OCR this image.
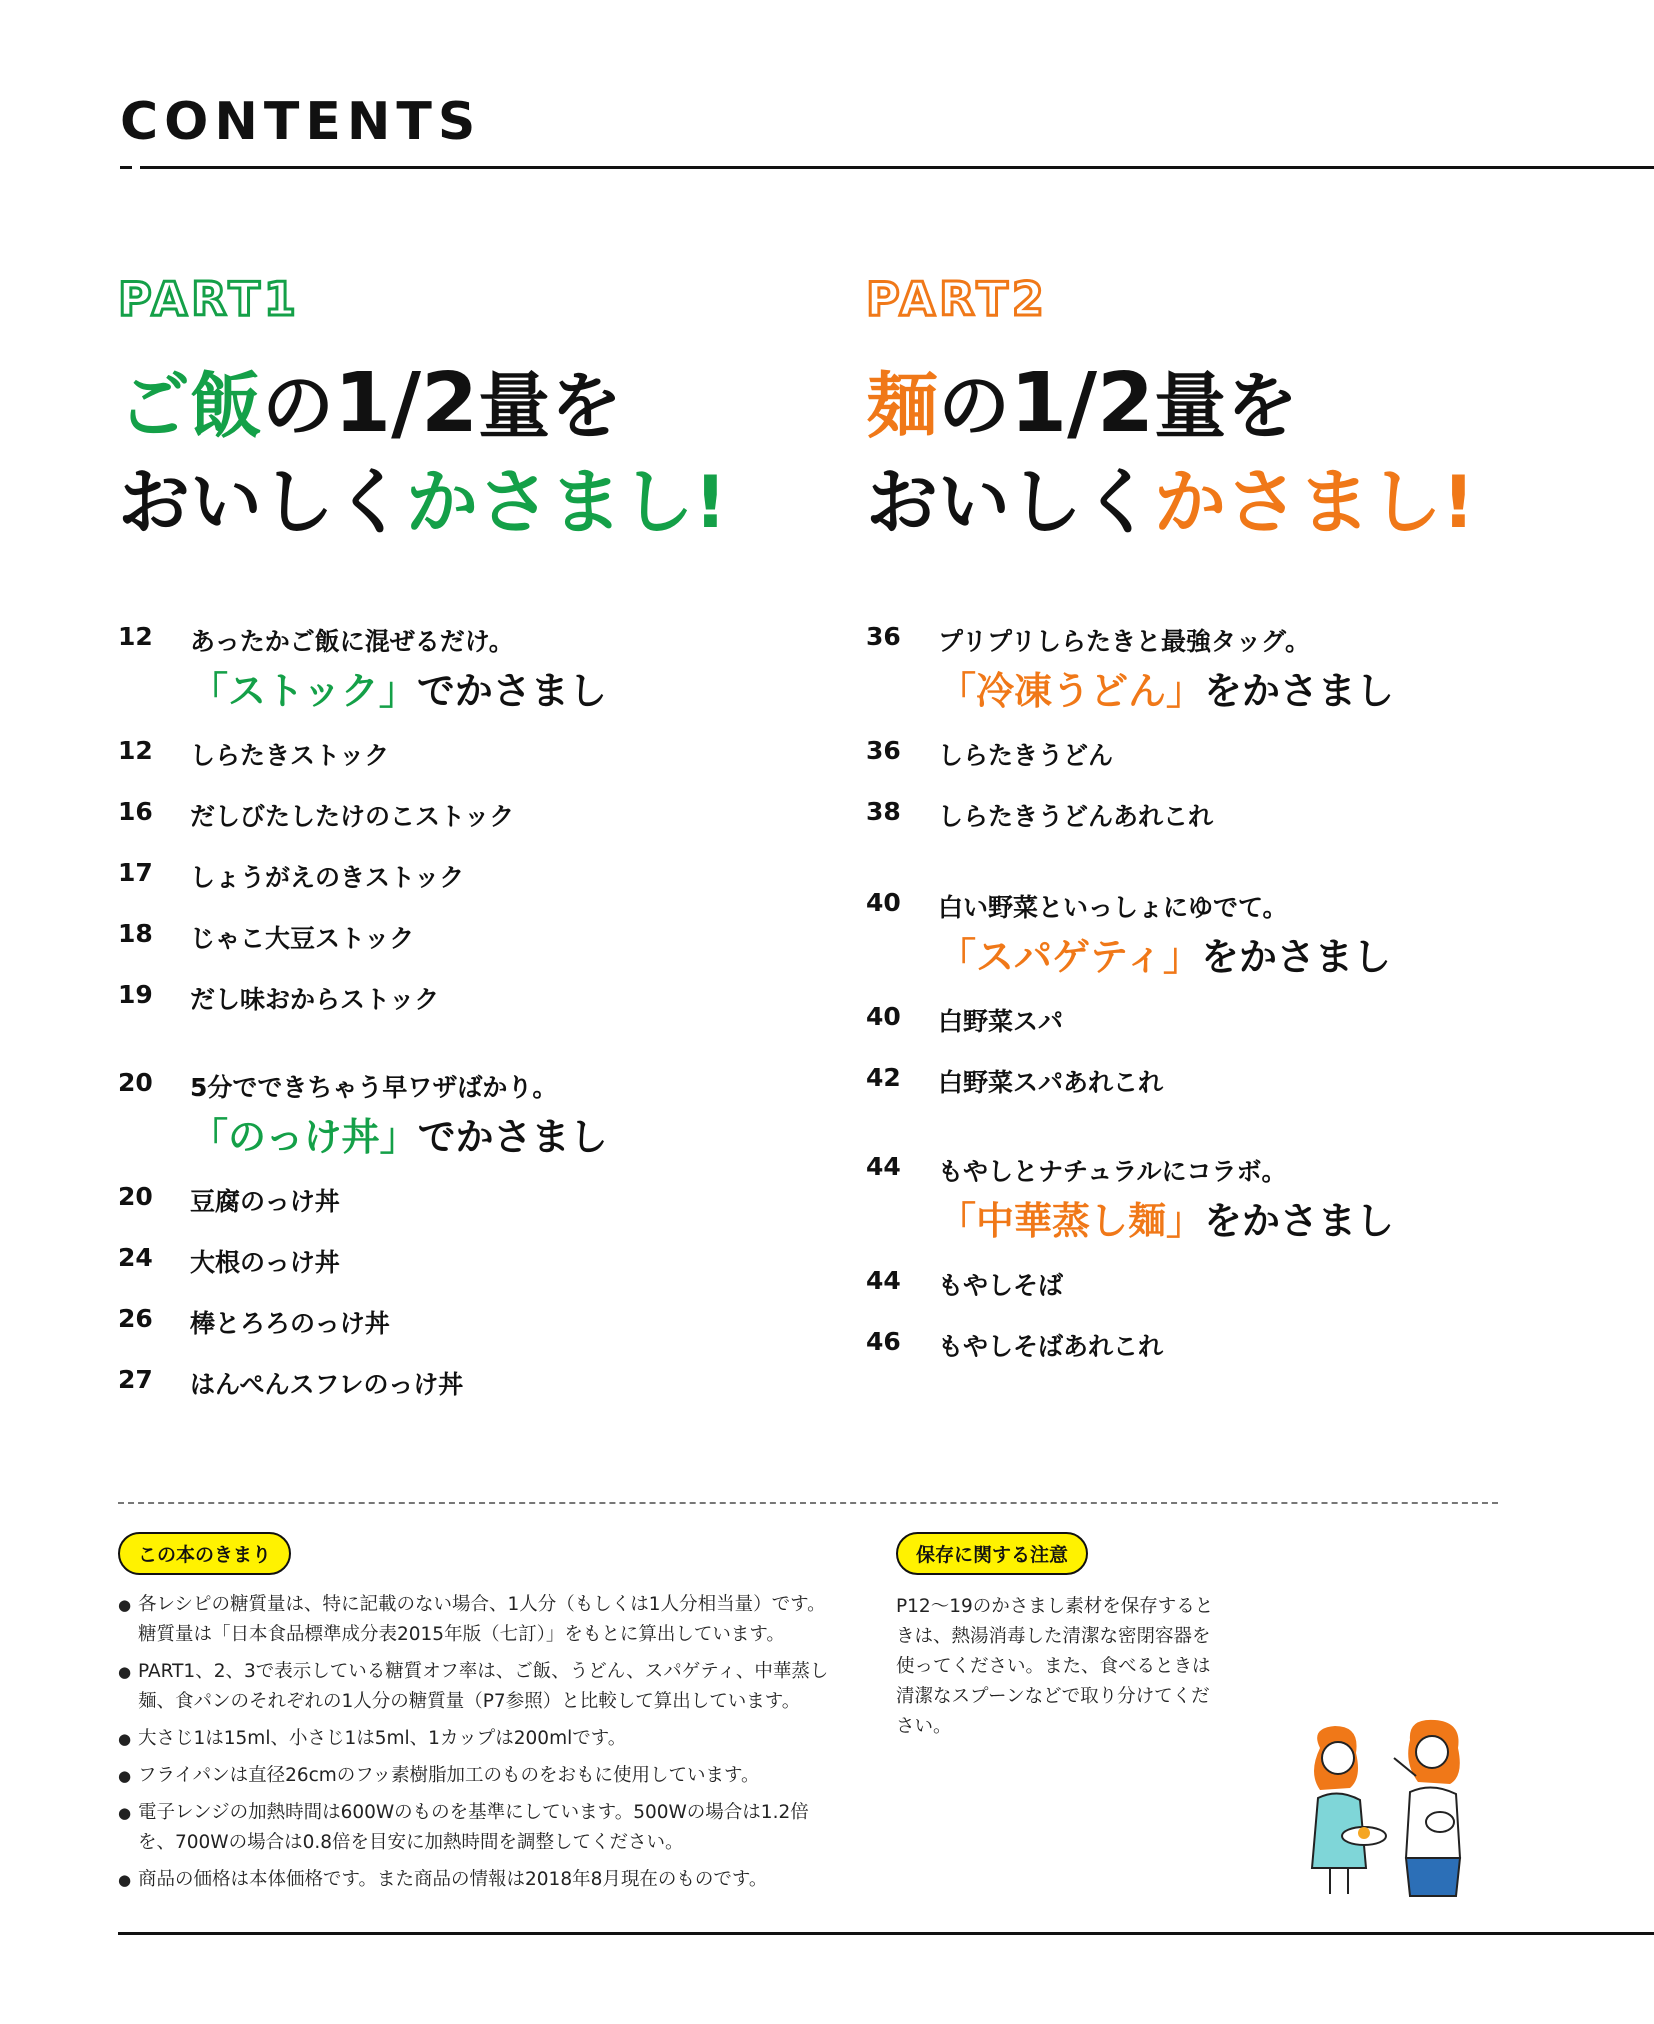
CONTENTS
PART1
ご飯の1/2量を
おいしくかさまし!
PART2
麺の1/2量を
おいしくかさまし!
12	あったかご飯に混ぜるだけ。
「ストック」でかさまし
12	しらたきストック
16	だしびたしたけのこストック
17	しょうがえのきストック
18	じゃこ大豆ストック
19	だし味おからストック
20	5分でできちゃう早ワザばかり。
「のっけ丼」でかさまし
20	豆腐のっけ丼
24	大根のっけ丼
26	棒とろろのっけ丼
27	はんぺんスフレのっけ丼
36	プリプリしらたきと最強タッグ。
「冷凍うどん」をかさまし
36	しらたきうどん
38	しらたきうどんあれこれ
40	白い野菜といっしょにゆでて。
「スパゲティ」をかさまし
40	白野菜スパ
42	白野菜スパあれこれ
44	もやしとナチュラルにコラボ。
「中華蒸し麺」をかさまし
44	もやしそば
46	もやしそばあれこれ
この本のきまり
● 各レシピの糖質量は、特に記載のない場合、1人分（もしくは1人分相当量）です。糖質量は「日本食品標準成分表2015年版（七訂）」をもとに算出しています。
● PART1、2、3で表示している糖質オフ率は、ご飯、うどん、スパゲティ、中華蒸し麺、食パンのそれぞれの1人分の糖質量（P7参照）と比較して算出しています。
● 大さじ1は15ml、小さじ1は5ml、1カップは200mlです。
● フライパンは直径26cmのフッ素樹脂加工のものをおもに使用しています。
● 電子レンジの加熱時間は600Wのものを基準にしています。500Wの場合は1.2倍を、700Wの場合は0.8倍を目安に加熱時間を調整してください。
● 商品の価格は本体価格です。また商品の情報は2018年8月現在のものです。
保存に関する注意
P12〜19のかさまし素材を保存するときは、熱湯消毒した清潔な密閉容器を使ってください。また、食べるときは清潔なスプーンなどで取り分けてください。
